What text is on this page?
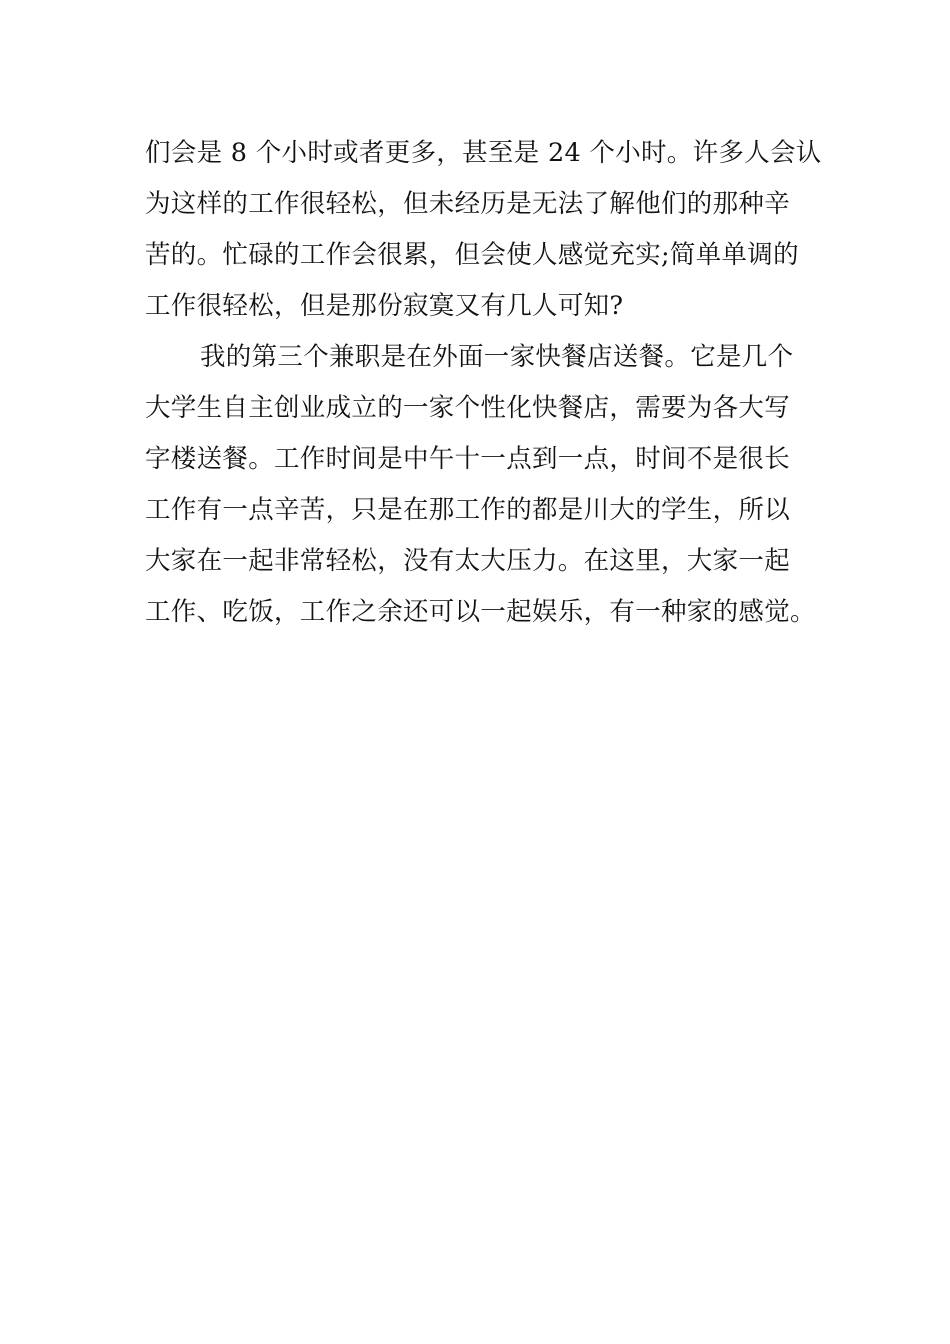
们会是 8 个小时或者更多，甚至是 24 个小时。许多人会认
为这样的工作很轻松，但未经历是无法了解他们的那种辛
苦的。忙碌的工作会很累，但会使人感觉充实;简单单调的
工作很轻松，但是那份寂寞又有几人可知?
我的第三个兼职是在外面一家快餐店送餐。它是几个
大学生自主创业成立的一家个性化快餐店，需要为各大写
字楼送餐。工作时间是中午十一点到一点，时间不是很长
工作有一点辛苦，只是在那工作的都是川大的学生，所以
大家在一起非常轻松，没有太大压力。在这里，大家一起
工作、吃饭，工作之余还可以一起娱乐，有一种家的感觉。
